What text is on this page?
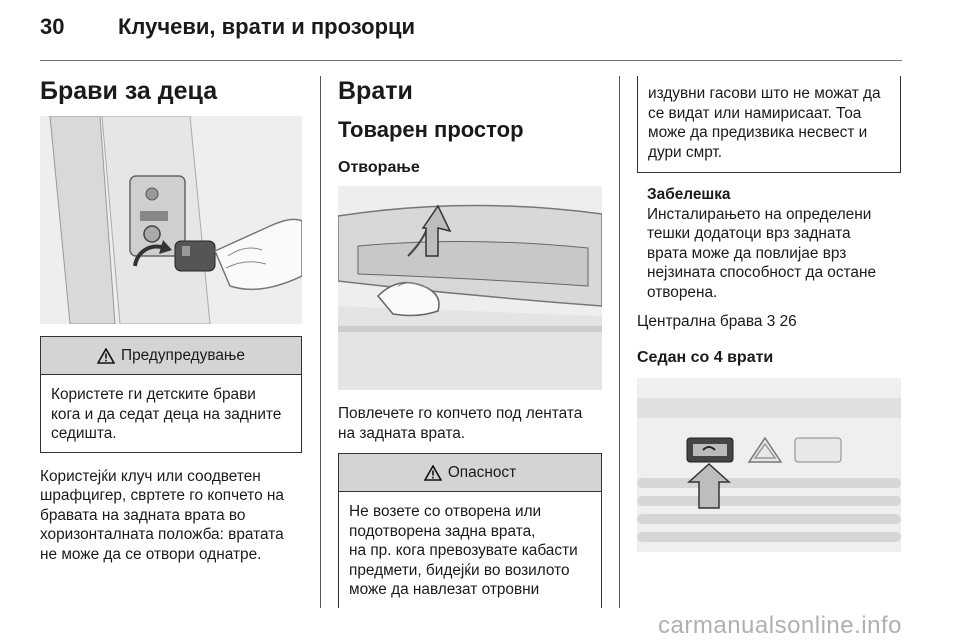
30 Клучеви, врати и прозорци
Брави за деца
Предупредување
Користете ги детските брави
кога и да седат деца на задните
седишта.
Користејќи клуч или соодветен
шрафцигер, свртете го копчето на
бравата на задната врата во
хоризонталната положба: вратата
не може да се отвори однатре.
Врати
Товарен простор
Отворање
Повлечете го копчето под лентата
на задната врата.
Опасност
Не возете со отворена или
подотворена задна врата,
на пр. кога превозувате кабасти
предмети, бидејќи во возилото
може да навлезат отровни
издувни гасови што не можат да
се видат или намирисаат. Тоа
може да предизвика несвест и
дури смрт.
Забелешка
Инсталирањето на определени
тешки додатоци врз задната
врата може да повлијае врз
нејзината способност да остане
отворена.
Централна брава 3 26
Седан со 4 врати
carmanualsonline.info
